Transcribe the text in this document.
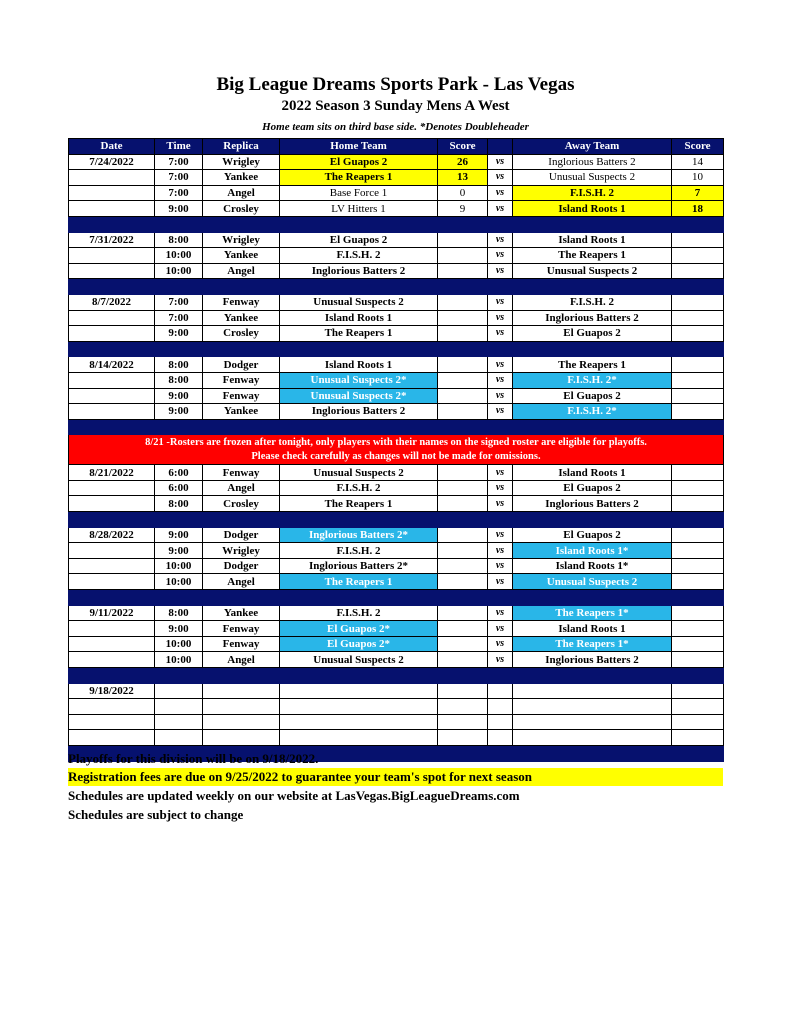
Big League Dreams Sports Park - Las Vegas
2022 Season 3 Sunday Mens A West
Home team sits on third base side. *Denotes Doubleheader
Date	Time	Replica	Home Team	Score		Away Team	Score
7/24/2022	7:00	Wrigley	El Guapos 2	26	vs	Inglorious Batters 2	14
	7:00	Yankee	The Reapers 1	13	vs	Unusual Suspects 2	10
	7:00	Angel	Base Force 1	0	vs	F.I.S.H. 2	7
	9:00	Crosley	LV Hitters 1	9	vs	Island Roots 1	18

7/31/2022	8:00	Wrigley	El Guapos 2		vs	Island Roots 1	
	10:00	Yankee	F.I.S.H. 2		vs	The Reapers 1	
	10:00	Angel	Inglorious Batters 2		vs	Unusual Suspects 2	

8/7/2022	7:00	Fenway	Unusual Suspects 2		vs	F.I.S.H. 2	
	7:00	Yankee	Island Roots 1		vs	Inglorious Batters 2	
	9:00	Crosley	The Reapers 1		vs	El Guapos 2	

8/14/2022	8:00	Dodger	Island Roots 1		vs	The Reapers 1	
	8:00	Fenway	Unusual Suspects 2*		vs	F.I.S.H. 2*	
	9:00	Fenway	Unusual Suspects 2*		vs	El Guapos 2	
	9:00	Yankee	Inglorious Batters 2		vs	F.I.S.H. 2*	

8/21 -Rosters are frozen after tonight, only players with their names on the signed roster are eligible for playoffs.
Please check carefully as changes will not be made for omissions.							

8/21/2022	6:00	Fenway	Unusual Suspects 2		vs	Island Roots 1	
	6:00	Angel	F.I.S.H. 2		vs	El Guapos 2	
	8:00	Crosley	The Reapers 1		vs	Inglorious Batters 2	

8/28/2022	9:00	Dodger	Inglorious Batters 2*		vs	El Guapos 2	
	9:00	Wrigley	F.I.S.H. 2		vs	Island Roots 1*	
	10:00	Dodger	Inglorious Batters 2*		vs	Island Roots 1*	
	10:00	Angel	The Reapers 1		vs	Unusual Suspects 2	

9/11/2022	8:00	Yankee	F.I.S.H. 2		vs	The Reapers 1*	
	9:00	Fenway	El Guapos 2*		vs	Island Roots 1	
	10:00	Fenway	El Guapos 2*		vs	The Reapers 1*	
	10:00	Angel	Unusual Suspects 2		vs	Inglorious Batters 2	

9/18/2022							

Playoffs for this division will be on 9/18/2022.
Registration fees are due on 9/25/2022 to guarantee your team's spot for next season
Schedules are updated weekly on our website at LasVegas.BigLeagueDreams.com
Schedules are subject to change
